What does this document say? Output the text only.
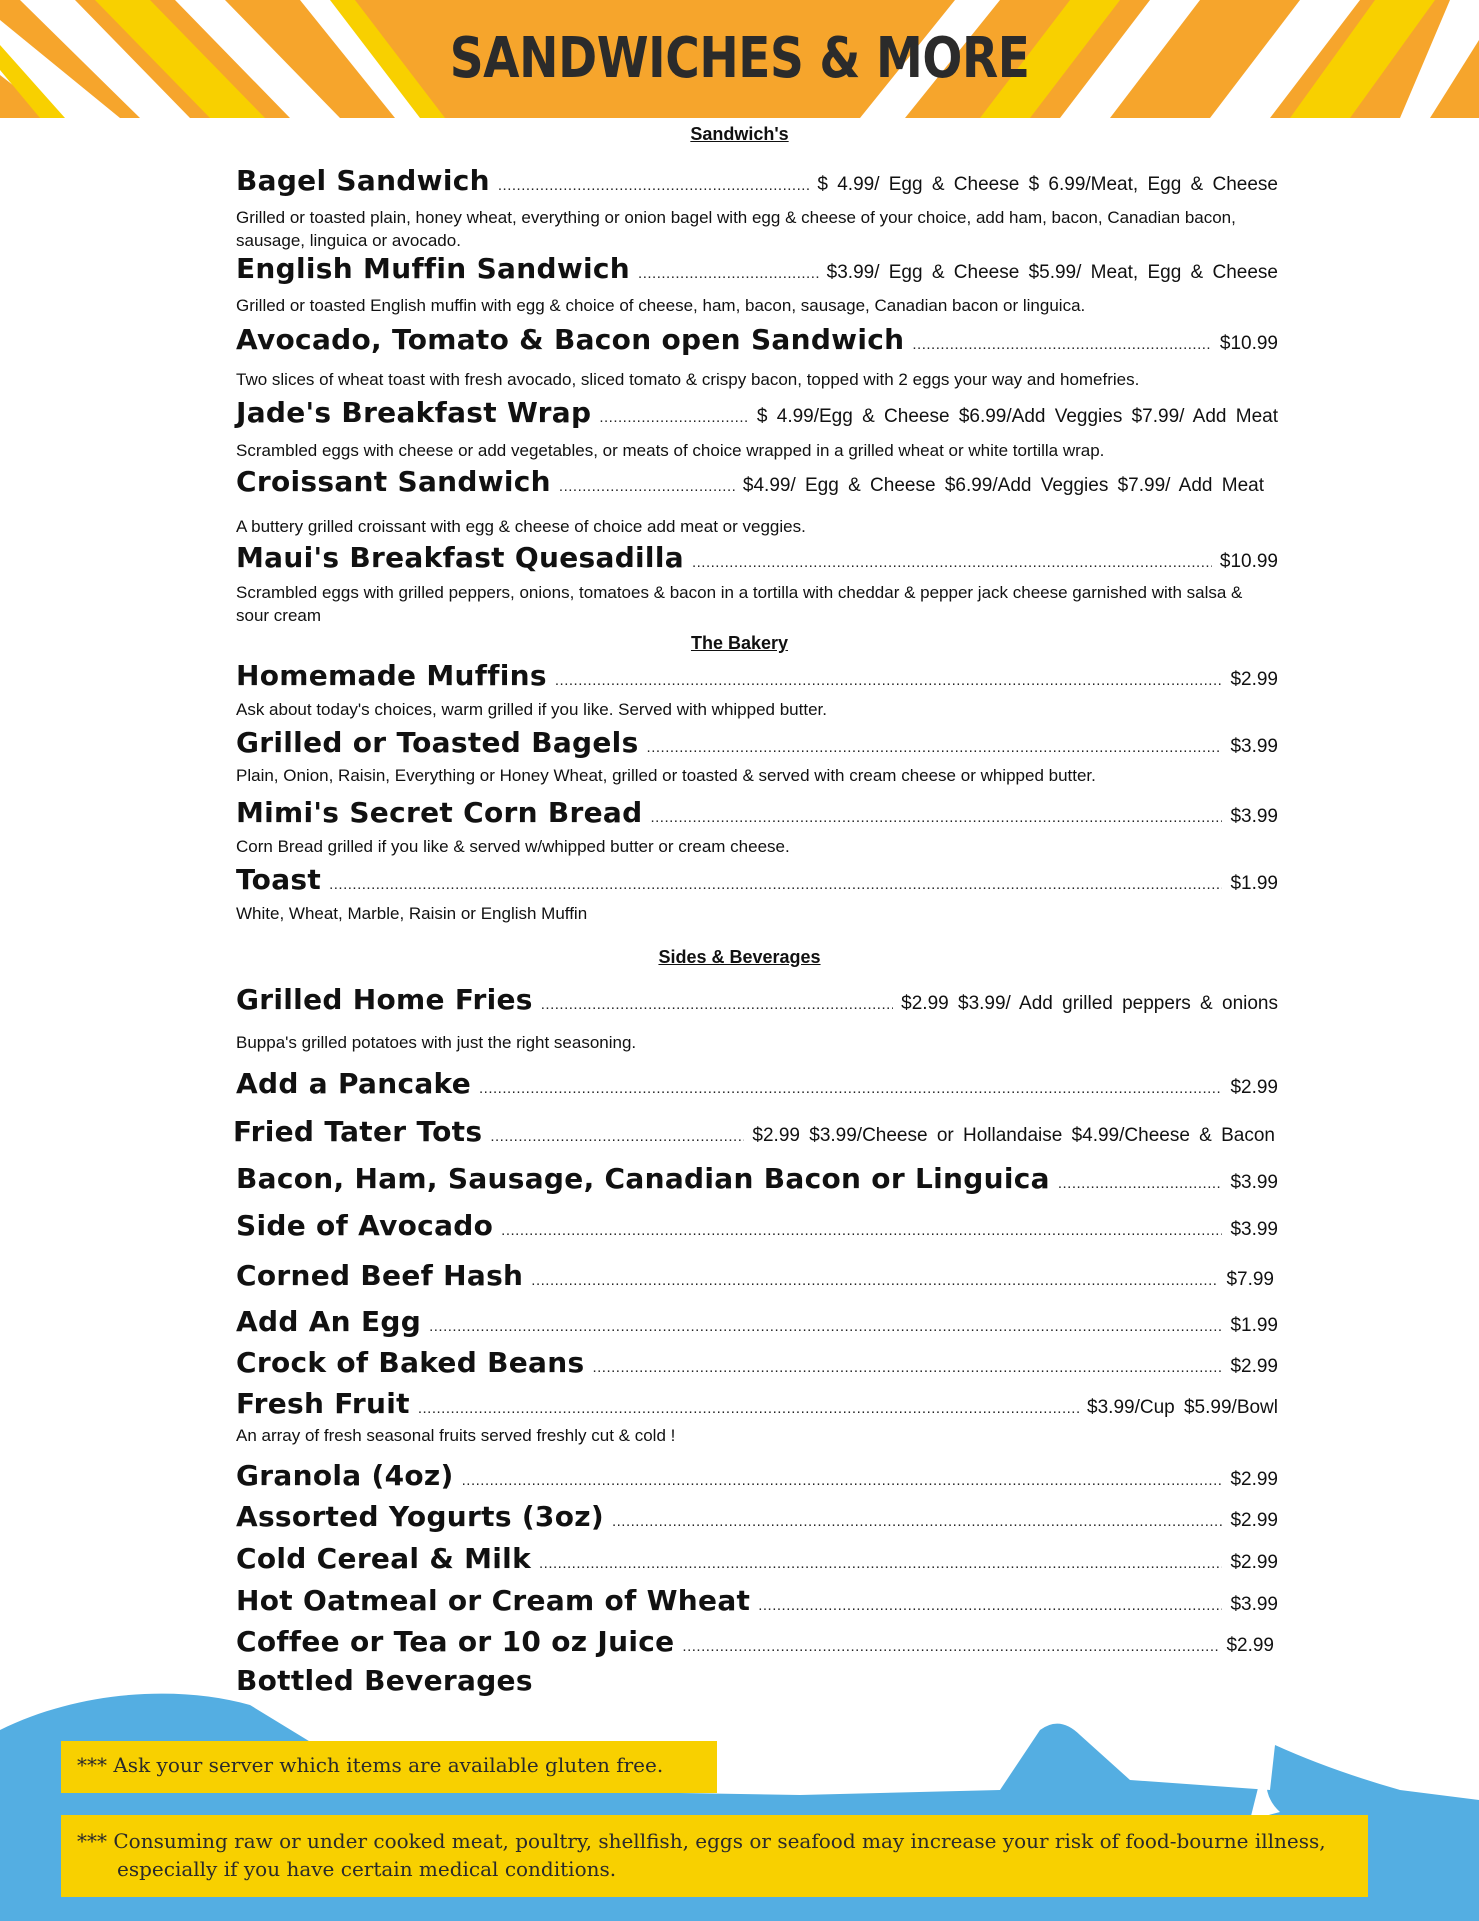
SANDWICHES & MORE
Sandwich's
Bagel Sandwich .....	$ 4.99/ Egg & Cheese $ 6.99/Meat, Egg & Cheese
Grilled or toasted plain, honey wheat, everything or onion bagel with egg & cheese of your choice, add ham, bacon, Canadian bacon, sausage, linguica or avocado.
English Muffin Sandwich .....	$3.99/ Egg & Cheese $5.99/ Meat, Egg & Cheese
Grilled or toasted English muffin with egg & choice of cheese, ham, bacon, sausage, Canadian bacon or linguica.
Avocado, Tomato & Bacon open Sandwich .....	$10.99
Two slices of wheat toast with fresh avocado, sliced tomato & crispy bacon, topped with 2 eggs your way and homefries.
Jade's Breakfast Wrap .....	$ 4.99/Egg & Cheese $6.99/Add Veggies $7.99/ Add Meat
Scrambled eggs with cheese or add vegetables, or meats of choice wrapped in a grilled wheat or white tortilla wrap.
Croissant Sandwich .....	$4.99/ Egg & Cheese $6.99/Add Veggies $7.99/ Add Meat
A buttery grilled croissant with egg & cheese of choice add meat or veggies.
Maui's Breakfast Quesadilla .....	$10.99
Scrambled eggs with grilled peppers, onions, tomatoes & bacon in a tortilla with cheddar & pepper jack cheese garnished with salsa & sour cream
The Bakery
Homemade Muffins .....	$2.99
Ask about today's choices, warm grilled if you like. Served with whipped butter.
Grilled or Toasted Bagels .....	$3.99
Plain, Onion, Raisin, Everything or Honey Wheat, grilled or toasted & served with cream cheese or whipped butter.
Mimi's Secret Corn Bread .....	$3.99
Corn Bread grilled if you like & served w/whipped butter or cream cheese.
Toast .....	$1.99
White, Wheat, Marble, Raisin or English Muffin
Sides & Beverages
Grilled Home Fries .....	$2.99 $3.99/ Add grilled peppers & onions
Buppa's grilled potatoes with just the right seasoning.
Add a Pancake .....	$2.99
Fried Tater Tots .....	$2.99 $3.99/Cheese or Hollandaise $4.99/Cheese & Bacon
Bacon, Ham, Sausage, Canadian Bacon or Linguica .....	$3.99
Side of Avocado .....	$3.99
Corned Beef Hash .....	$7.99
Add An Egg .....	$1.99
Crock of Baked Beans .....	$2.99
Fresh Fruit .....	$3.99/Cup $5.99/Bowl
An array of fresh seasonal fruits served freshly cut & cold !
Granola (4oz) .....	$2.99
Assorted Yogurts (3oz) .....	$2.99
Cold Cereal & Milk .....	$2.99
Hot Oatmeal or Cream of Wheat .....	$3.99
Coffee or Tea or 10 oz Juice .....	$2.99
Bottled Beverages
*** Ask your server which items are available gluten free.
*** Consuming raw or under cooked meat, poultry, shellfish, eggs or seafood may increase your risk of food-bourne illness,
especially if you have certain medical conditions.
